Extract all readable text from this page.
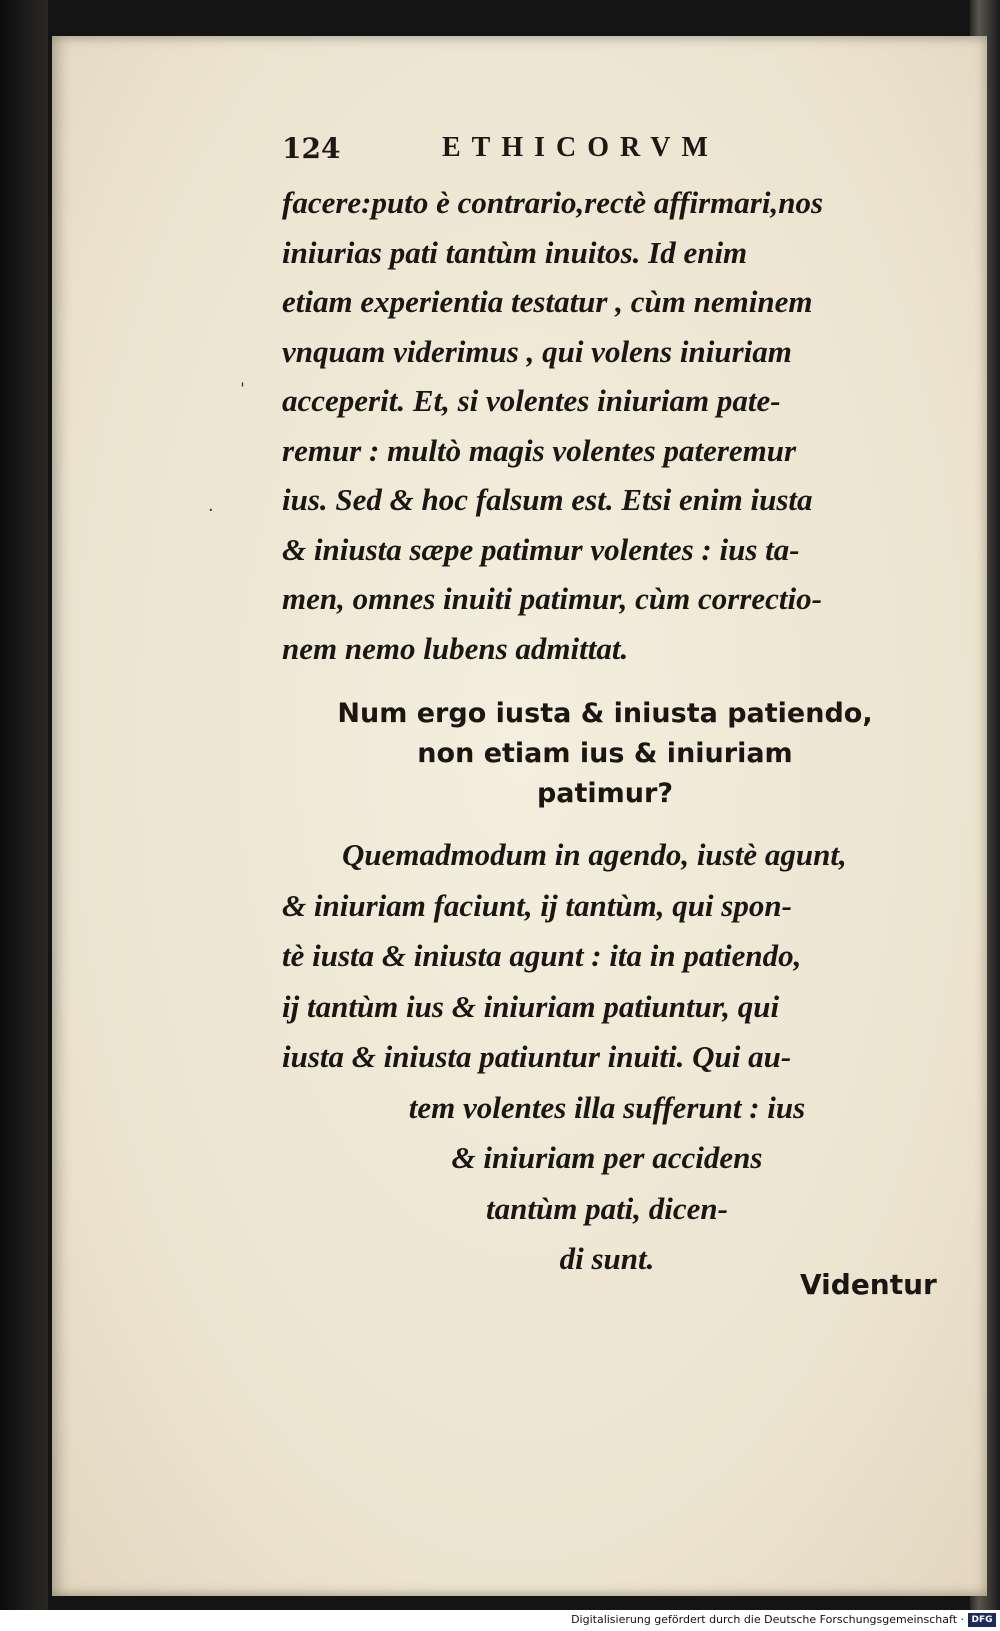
124	ETHICORVM
facere:puto è contrario,rectè affirmari,nos
iniurias pati tantùm inuitos. Id enim
etiam experientia testatur , cùm neminem
vnquam viderimus , qui volens iniuriam
acceperit. Et, si volentes iniuriam pate-
remur : multò magis volentes pateremur
ius. Sed & hoc falsum est. Etsi enim iusta
& iniusta sæpe patimur volentes : ius ta-
men, omnes inuiti patimur, cùm correctio-
nem nemo lubens admittat.
ˈ
·
Num ergo iusta & iniusta patiendo,
non etiam ius & iniuriam
patimur?
Quemadmodum in agendo, iustè agunt,
& iniuriam faciunt, ij tantùm, qui spon-
tè iusta & iniusta agunt : ita in patiendo,
ij tantùm ius & iniuriam patiuntur, qui
iusta & iniusta patiuntur inuiti. Qui au-
tem volentes illa sufferunt : ius
& iniuriam per accidens
tantùm pati, dicen-
di sunt.
Videntur
Digitalisierung gefördert durch die Deutsche Forschungsgemeinschaft · DFG
